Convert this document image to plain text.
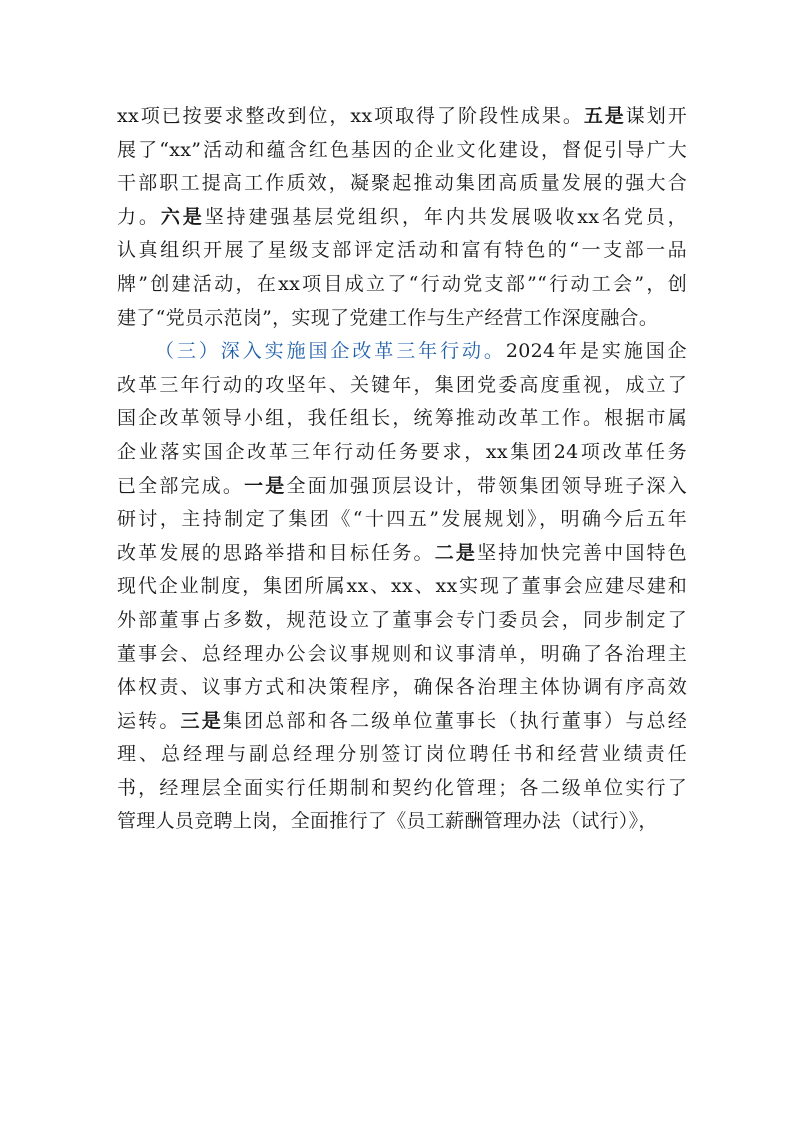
xx项已按要求整改到位，xx项取得了阶段性成果。五是谋划开
展了“xx”活动和蕴含红色基因的企业文化建设，督促引导广大
干部职工提高工作质效，凝聚起推动集团高质量发展的强大合
力。六是坚持建强基层党组织，年内共发展吸收xx名党员，
认真组织开展了星级支部评定活动和富有特色的“一支部一品
牌”创建活动，在xx项目成立了“行动党支部”“行动工会”，创
建了“党员示范岗”，实现了党建工作与生产经营工作深度融合。
（三）深入实施国企改革三年行动。2024年是实施国企
改革三年行动的攻坚年、关键年，集团党委高度重视，成立了
国企改革领导小组，我任组长，统筹推动改革工作。根据市属
企业落实国企改革三年行动任务要求，xx集团24项改革任务
已全部完成。一是全面加强顶层设计，带领集团领导班子深入
研讨，主持制定了集团《“十四五”发展规划》，明确今后五年
改革发展的思路举措和目标任务。二是坚持加快完善中国特色
现代企业制度，集团所属xx、xx、xx实现了董事会应建尽建和
外部董事占多数，规范设立了董事会专门委员会，同步制定了
董事会、总经理办公会议事规则和议事清单，明确了各治理主
体权责、议事方式和决策程序，确保各治理主体协调有序高效
运转。三是集团总部和各二级单位董事长（执行董事）与总经
理、总经理与副总经理分别签订岗位聘任书和经营业绩责任
书，经理层全面实行任期制和契约化管理；各二级单位实行了
管理人员竞聘上岗，全面推行了《员工薪酬管理办法（试行）》，
